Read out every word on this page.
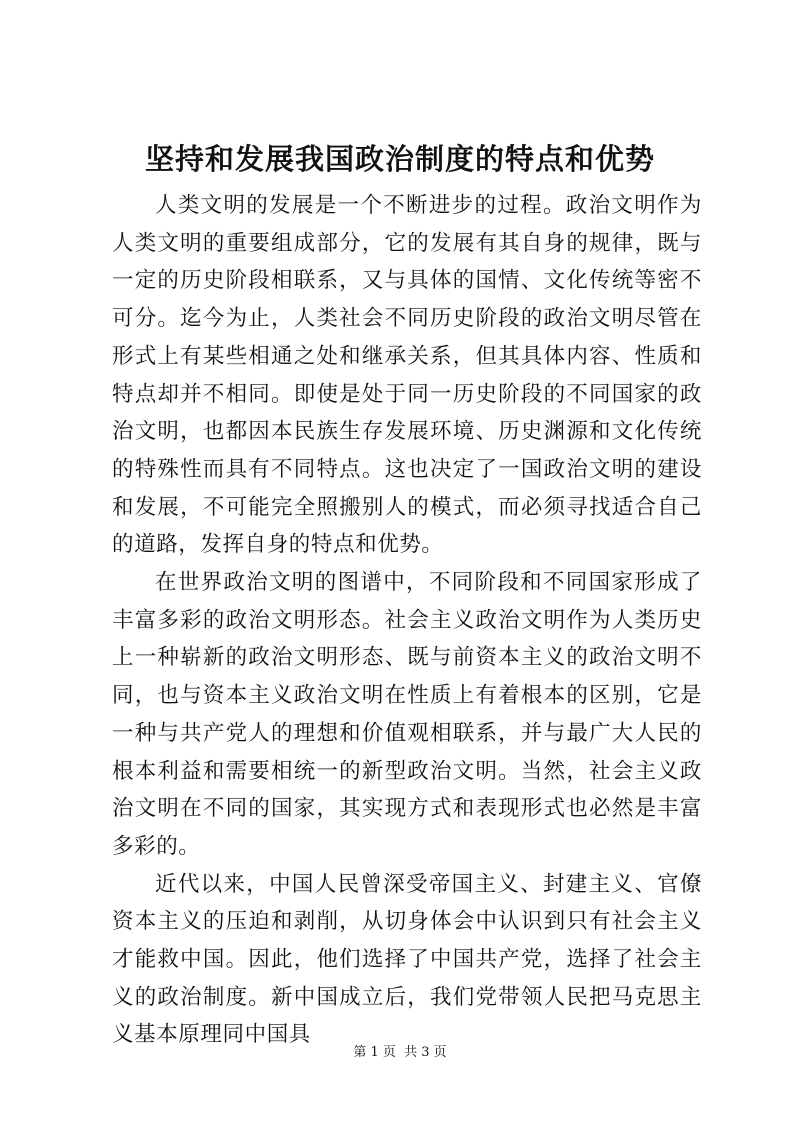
坚持和发展我国政治制度的特点和优势

人类文明的发展是一个不断进步的过程。政治文明作为人类文明的重要组成部分，它的发展有其自身的规律，既与一定的历史阶段相联系，又与具体的国情、文化传统等密不可分。迄今为止，人类社会不同历史阶段的政治文明尽管在形式上有某些相通之处和继承关系，但其具体内容、性质和特点却并不相同。即使是处于同一历史阶段的不同国家的政治文明，也都因本民族生存发展环境、历史渊源和文化传统的特殊性而具有不同特点。这也决定了一国政治文明的建设和发展，不可能完全照搬别人的模式，而必须寻找适合自己的道路，发挥自身的特点和优势。

在世界政治文明的图谱中，不同阶段和不同国家形成了丰富多彩的政治文明形态。社会主义政治文明作为人类历史上一种崭新的政治文明形态、既与前资本主义的政治文明不同，也与资本主义政治文明在性质上有着根本的区别，它是一种与共产党人的理想和价值观相联系，并与最广大人民的根本利益和需要相统一的新型政治文明。当然，社会主义政治文明在不同的国家，其实现方式和表现形式也必然是丰富多彩的。

近代以来，中国人民曾深受帝国主义、封建主义、官僚资本主义的压迫和剥削，从切身体会中认识到只有社会主义才能救中国。因此，他们选择了中国共产党，选择了社会主义的政治制度。新中国成立后，我们党带领人民把马克思主义基本原理同中国具

第 1 页 共 3 页
